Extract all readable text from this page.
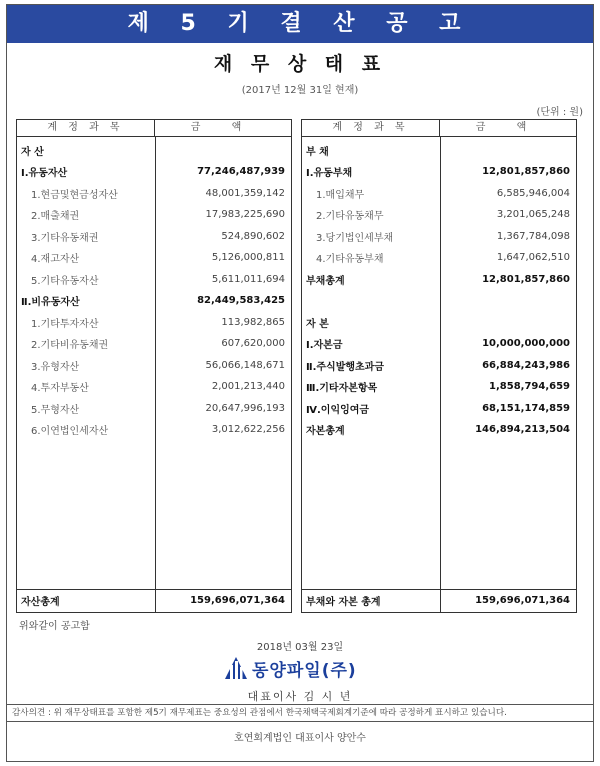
제 5 기 결 산 공 고
재 무 상 태 표
(2017년 12월 31일 현재)
(단위 : 원)
계 정 과 목	금 액
자 산
Ⅰ.유동자산	77,246,487,939
1.현금및현금성자산	48,001,359,142
2.매출채권	17,983,225,690
3.기타유동채권	524,890,602
4.재고자산	5,126,000,811
5.기타유동자산	5,611,011,694
Ⅱ.비유동자산	82,449,583,425
1.기타투자자산	113,982,865
2.기타비유동채권	607,620,000
3.유형자산	56,066,148,671
4.투자부동산	2,001,213,440
5.무형자산	20,647,996,193
6.이연법인세자산	3,012,622,256
자산총계	159,696,071,364
계 정 과 목	금 액
부 채
Ⅰ.유동부채	12,801,857,860
1.매입채무	6,585,946,004
2.기타유동채무	3,201,065,248
3.당기법인세부채	1,367,784,098
4.기타유동부채	1,647,062,510
부채총계	12,801,857,860
자 본
Ⅰ.자본금	10,000,000,000
Ⅱ.주식발행초과금	66,884,243,986
Ⅲ.기타자본항목	1,858,794,659
Ⅳ.이익잉여금	68,151,174,859
자본총계	146,894,213,504
부채와 자본 총계	159,696,071,364
위와같이 공고함
2018년 03월 23일
동양파일(주)
대표이사 김 시 년
감사의견 : 위 재무상태표를 포함한 제5기 재무제표는 중요성의 관점에서 한국채택국제회계기준에 따라 공정하게 표시하고 있습니다.
호연회계법인 대표이사 양안수
